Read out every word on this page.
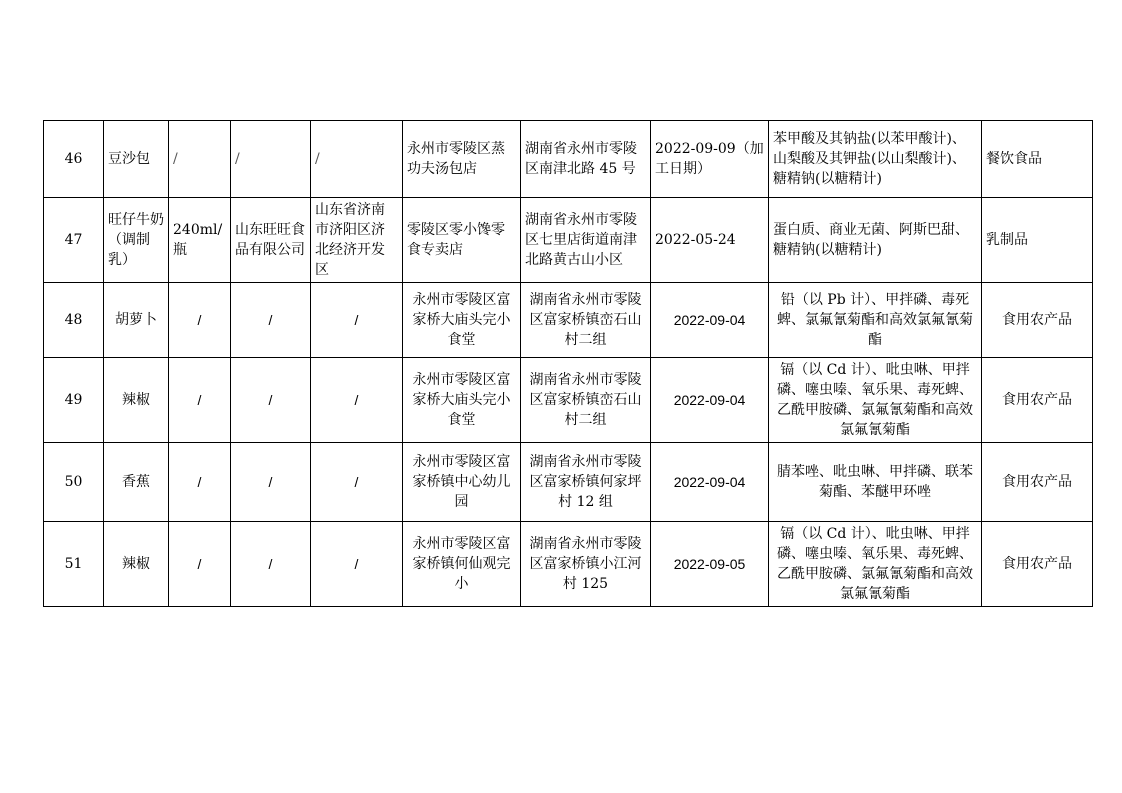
46	豆沙包	/	/	/	永州市零陵区蒸功夫汤包店	湖南省永州市零陵区南津北路 45 号	2022-09-09（加工日期）	苯甲酸及其钠盐(以苯甲酸计)、山梨酸及其钾盐(以山梨酸计)、糖精钠(以糖精计)	餐饮食品
47	旺仔牛奶（调制乳）	240ml/瓶	山东旺旺食品有限公司	山东省济南市济阳区济北经济开发区	零陵区零小馋零食专卖店	湖南省永州市零陵区七里店街道南津北路黄古山小区	2022-05-24	蛋白质、商业无菌、阿斯巴甜、糖精钠(以糖精计)	乳制品
48	胡萝卜	/	/	/	永州市零陵区富家桥大庙头完小食堂	湖南省永州市零陵区富家桥镇峦石山村二组	2022-09-04	铅（以 Pb 计）、甲拌磷、毒死蜱、氯氟氰菊酯和高效氯氟氰菊酯	食用农产品
49	辣椒	/	/	/	永州市零陵区富家桥大庙头完小食堂	湖南省永州市零陵区富家桥镇峦石山村二组	2022-09-04	镉（以 Cd 计）、吡虫啉、甲拌磷、噻虫嗪、氧乐果、毒死蜱、乙酰甲胺磷、氯氟氰菊酯和高效氯氟氰菊酯	食用农产品
50	香蕉	/	/	/	永州市零陵区富家桥镇中心幼儿园	湖南省永州市零陵区富家桥镇何家坪村 12 组	2022-09-04	腈苯唑、吡虫啉、甲拌磷、联苯菊酯、苯醚甲环唑	食用农产品
51	辣椒	/	/	/	永州市零陵区富家桥镇何仙观完小	湖南省永州市零陵区富家桥镇小江河村 125	2022-09-05	镉（以 Cd 计）、吡虫啉、甲拌磷、噻虫嗪、氧乐果、毒死蜱、乙酰甲胺磷、氯氟氰菊酯和高效氯氟氰菊酯	食用农产品
